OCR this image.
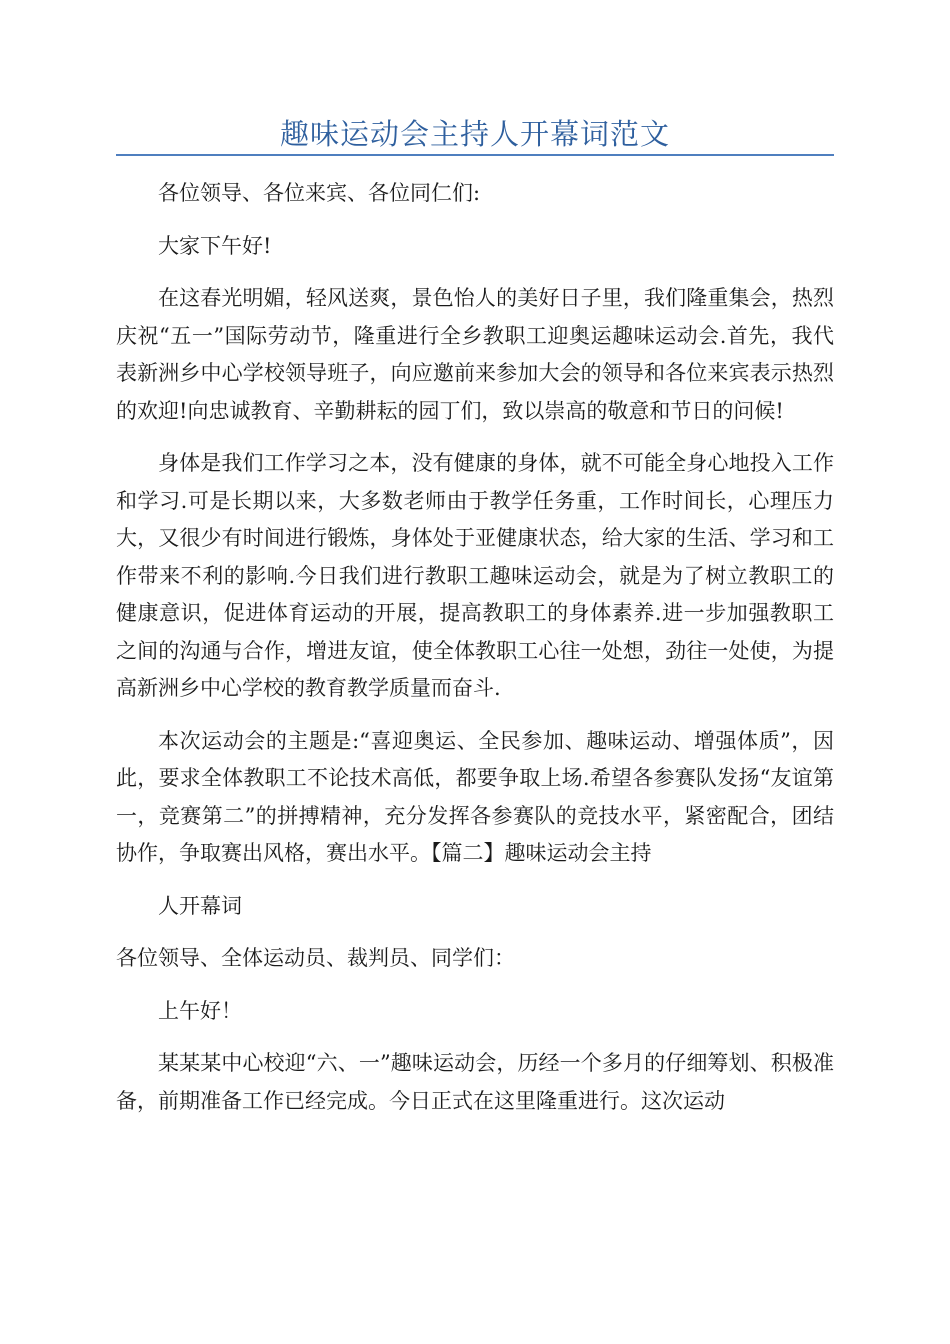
趣味运动会主持人开幕词范文

各位领导、各位来宾、各位同仁们:

大家下午好!

在这春光明媚，轻风送爽，景色怡人的美好日子里，我们隆重集会，热烈庆祝“五一”国际劳动节，隆重进行全乡教职工迎奥运趣味运动会.首先，我代表新洲乡中心学校领导班子，向应邀前来参加大会的领导和各位来宾表示热烈的欢迎!向忠诚教育、辛勤耕耘的园丁们，致以崇高的敬意和节日的问候!

身体是我们工作学习之本，没有健康的身体，就不可能全身心地投入工作和学习.可是长期以来，大多数老师由于教学任务重，工作时间长，心理压力大，又很少有时间进行锻炼，身体处于亚健康状态，给大家的生活、学习和工作带来不利的影响.今日我们进行教职工趣味运动会，就是为了树立教职工的健康意识，促进体育运动的开展，提高教职工的身体素养.进一步加强教职工之间的沟通与合作，增进友谊，使全体教职工心往一处想，劲往一处使，为提高新洲乡中心学校的教育教学质量而奋斗.

本次运动会的主题是:“喜迎奥运、全民参加、趣味运动、增强体质”，因此，要求全体教职工不论技术高低，都要争取上场.希望各参赛队发扬“友谊第一，竞赛第二”的拼搏精神，充分发挥各参赛队的竞技水平，紧密配合，团结协作，争取赛出风格，赛出水平。【篇二】趣味运动会主持

人开幕词

各位领导、全体运动员、裁判员、同学们：

上午好！

某某某中心校迎“六、一”趣味运动会，历经一个多月的仔细筹划、积极准备，前期准备工作已经完成。今日正式在这里隆重进行。这次运动
